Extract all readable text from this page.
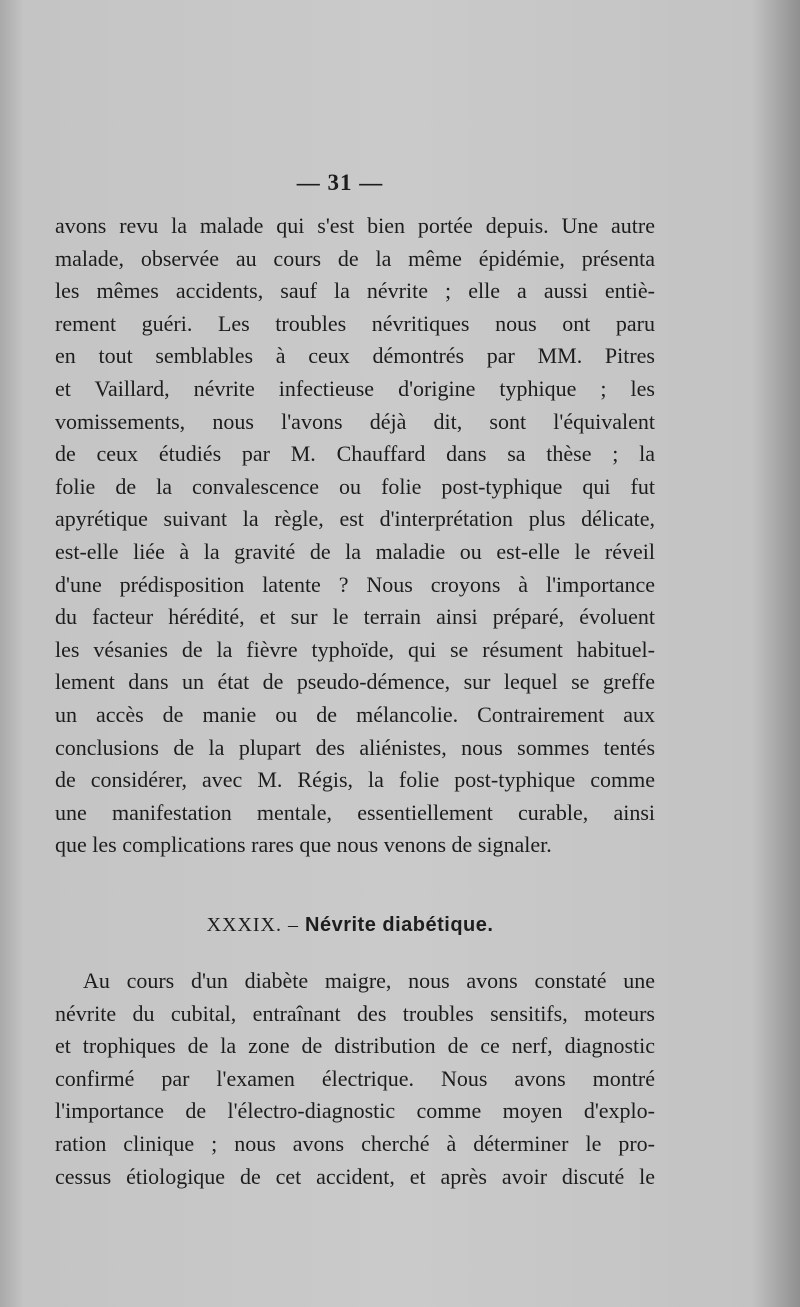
— 31 —
avons revu la malade qui s'est bien portée depuis. Une autre
malade, observée au cours de la même épidémie, présenta
les mêmes accidents, sauf la névrite ; elle a aussi entiè-
rement guéri. Les troubles névritiques nous ont paru
en tout semblables à ceux démontrés par MM. Pitres
et Vaillard, névrite infectieuse d'origine typhique ; les
vomissements, nous l'avons déjà dit, sont l'équivalent
de ceux étudiés par M. Chauffard dans sa thèse ; la
folie de la convalescence ou folie post-typhique qui fut
apyrétique suivant la règle, est d'interprétation plus délicate,
est-elle liée à la gravité de la maladie ou est-elle le réveil
d'une prédisposition latente ? Nous croyons à l'importance
du facteur hérédité, et sur le terrain ainsi préparé, évoluent
les vésanies de la fièvre typhoïde, qui se résument habituel-
lement dans un état de pseudo-démence, sur lequel se greffe
un accès de manie ou de mélancolie. Contrairement aux
conclusions de la plupart des aliénistes, nous sommes tentés
de considérer, avec M. Régis, la folie post-typhique comme
une manifestation mentale, essentiellement curable, ainsi
que les complications rares que nous venons de signaler.
XXXIX. – Névrite diabétique.
Au cours d'un diabète maigre, nous avons constaté une
névrite du cubital, entraînant des troubles sensitifs, moteurs
et trophiques de la zone de distribution de ce nerf, diagnostic
confirmé par l'examen électrique. Nous avons montré
l'importance de l'électro-diagnostic comme moyen d'explo-
ration clinique ; nous avons cherché à déterminer le pro-
cessus étiologique de cet accident, et après avoir discuté le
